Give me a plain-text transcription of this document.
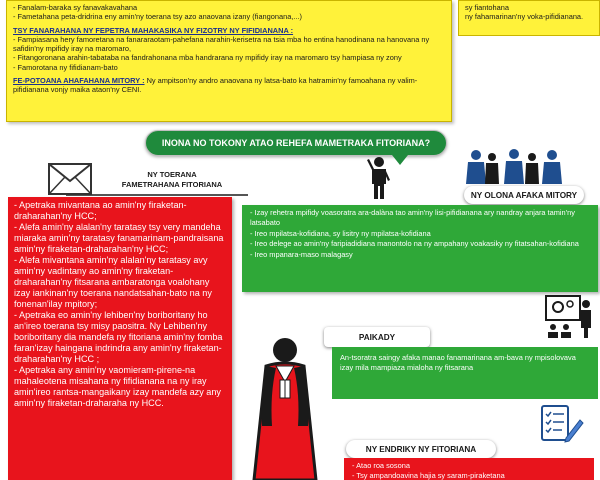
- Fanalam-baraka sy fanavakavahana
- Fametahana peta-dridrina eny amin'ny toerana tsy azo anaovana izany (fiangonana,...)
TSY FANARAHANA NY FEPETRA MAHAKASIKA NY FIZOTRY NY FIFIDIANANA :
- Fampiasana hery famoretana na fanararaotam-pahefana narahin-kerisetra na tsia mba ho entina hanodinana na hanovana ny safidin'ny mpifidy iray na maromaro,
- Fitangoronana arahin-tabataba na fandrahonana mba handrarana ny mpifidy iray na maromaro tsy hampiasa ny zony
- Famorotana ny fifidianam-bato
FE-POTOANA AHAFAHANA MITORY : Ny ampitson'ny andro anaovana ny latsa-bato ka hatramin'ny famoahana ny valim-pifidianana vonjy maika ataon'ny CENI.
sy fiantohana
ny fahamarinan'ny voka-pifidianana.
INONA NO TOKONY ATAO REHEFA MAMETRAKA FITORIANA?
NY TOERANA
FAMETRAHANA FITORIANA
- Apetraka mivantana ao amin'ny firaketan-draharahan'ny HCC;
- Alefa amin'ny alalan'ny taratasy tsy very mandeha miaraka amin'ny taratasy fanamarinam-pandraisana amin'ny firaketan-draharahan'ny HCC;
- Alefa mivantana amin'ny alalan'ny taratasy avy amin'ny vadintany ao amin'ny firaketan-draharahan'ny fitsarana ambaratonga voalohany izay iankinan'ny toerana nandatsahan-bato na ny fonenan'ilay mpitory;
- Apetraka eo amin'ny lehiben'ny boriboritany ho an'ireo toerana tsy misy paositra. Ny Lehiben'ny boriboritany dia mandefa ny fitoriana amin'ny fomba faran'izay haingana indrindra any amin'ny firaketan-draharahan'ny HCC ;
- Apetraka any amin'ny vaomieram-pirene-na mahaleotena misahana ny fifidianana na ny iray amin'ireo rantsa-mangaikany izay mandefa azy any amin'ny firaketan-draharaha ny HCC.
NY OLONA AFAKA MITORY
- Izay rehetra mpifidy voasoratra ara-dalàna tao amin'ny lisi-pifidianana ary nandray anjara tamin'ny latsabato
- Ireo mpilatsa-kofidiana, sy lisitry ny mpilatsa-kofidiana
- Ireo delege ao amin'ny faripiadidiana manontolo na ny ampahany voakasiky ny fitatsahan-kofidiana
- Ireo mpanara-maso malagasy
PAIKADY
An-tsoratra saingy afaka manao fanamarinana am-bava ny mpisolovava izay mila mampiaza mialoha ny fitsarana
NY ENDRIKY NY FITORIANA
- Atao roa sosona
- Tsy ampandoavina hajia sy saram-piraketana
